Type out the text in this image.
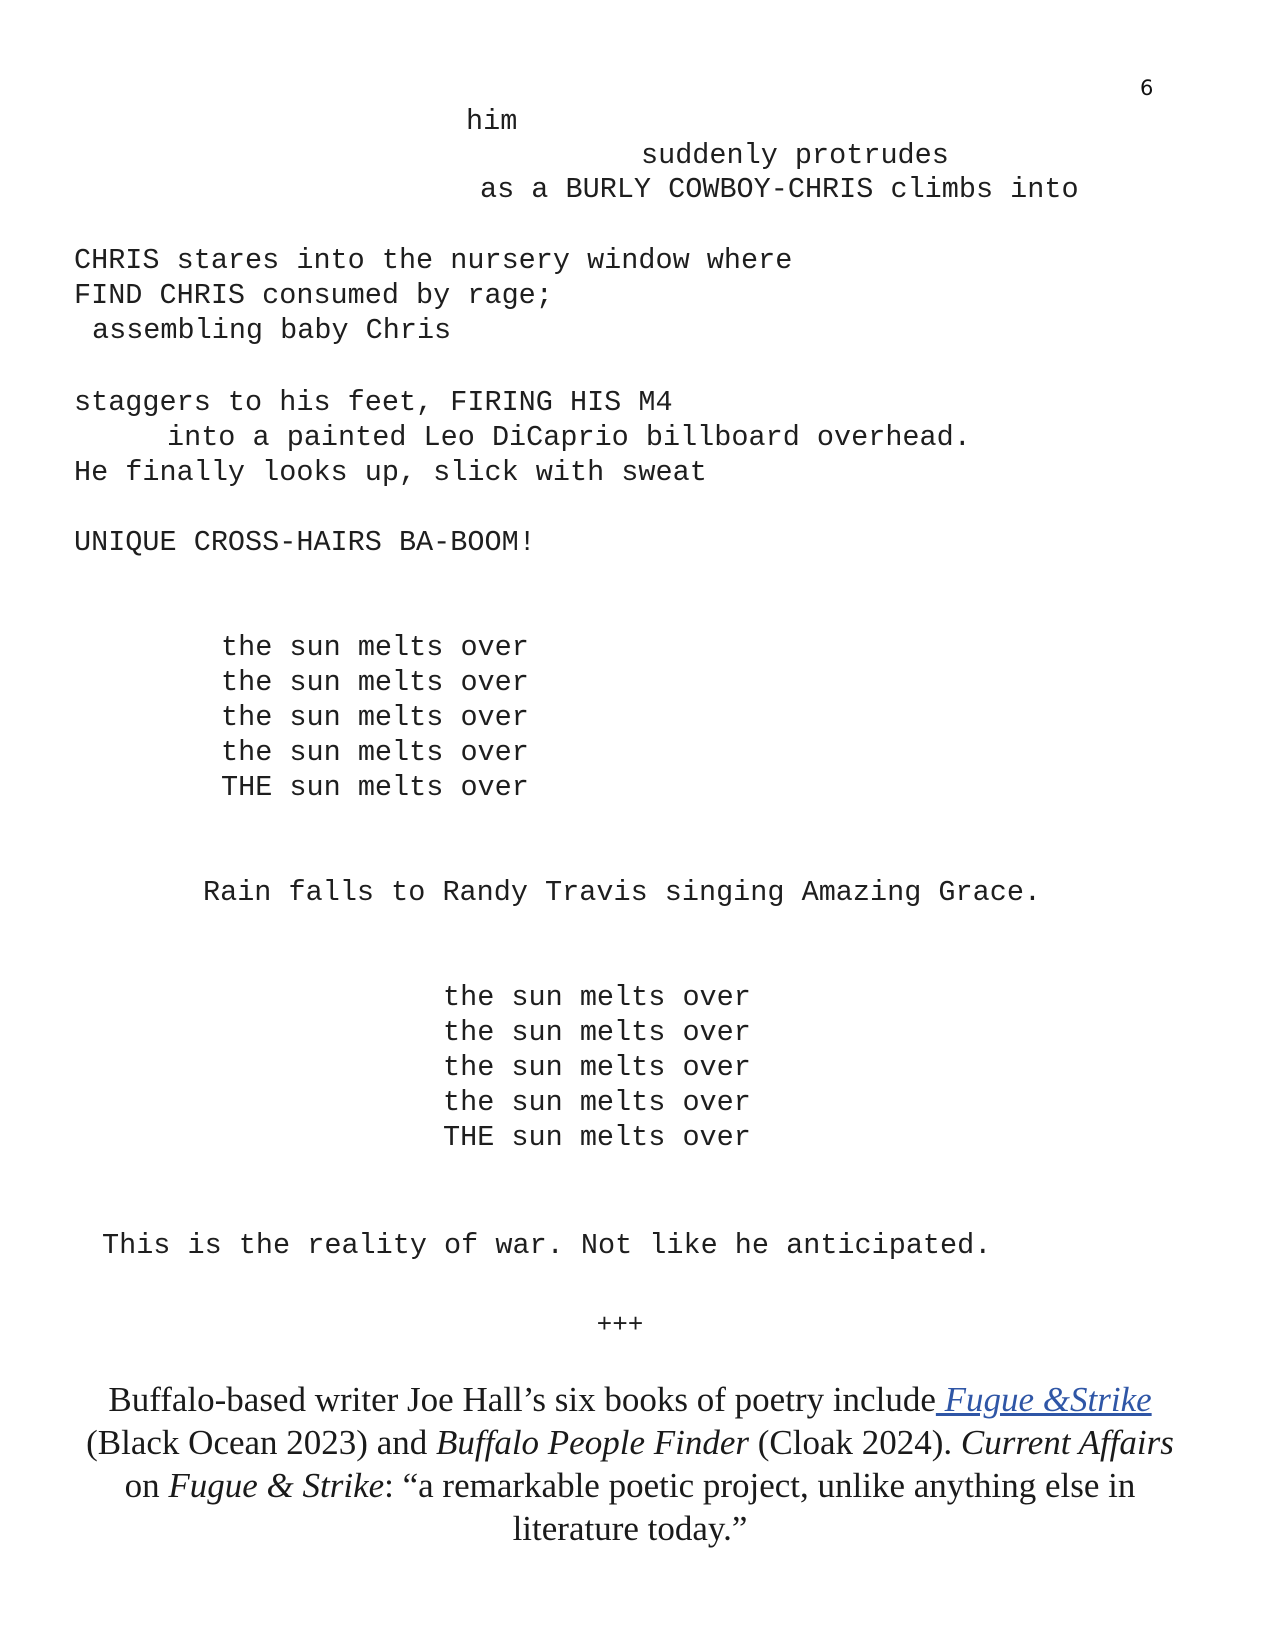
6
him
suddenly protrudes
as a BURLY COWBOY-CHRIS climbs into
CHRIS stares into the nursery window where
FIND CHRIS consumed by rage;
assembling baby Chris
staggers to his feet, FIRING HIS M4
into a painted Leo DiCaprio billboard overhead.
He finally looks up, slick with sweat
UNIQUE CROSS-HAIRS BA-BOOM!
the sun melts over
the sun melts over
the sun melts over
the sun melts over
THE sun melts over
Rain falls to Randy Travis singing Amazing Grace.
the sun melts over
the sun melts over
the sun melts over
the sun melts over
THE sun melts over
This is the reality of war. Not like he anticipated.
+++

Buffalo-based writer Joe Hall’s six books of poetry include Fugue &Strike (Black Ocean 2023) and Buffalo People Finder (Cloak 2024). Current Affairs on Fugue & Strike: “a remarkable poetic project, unlike anything else in literature today.”
